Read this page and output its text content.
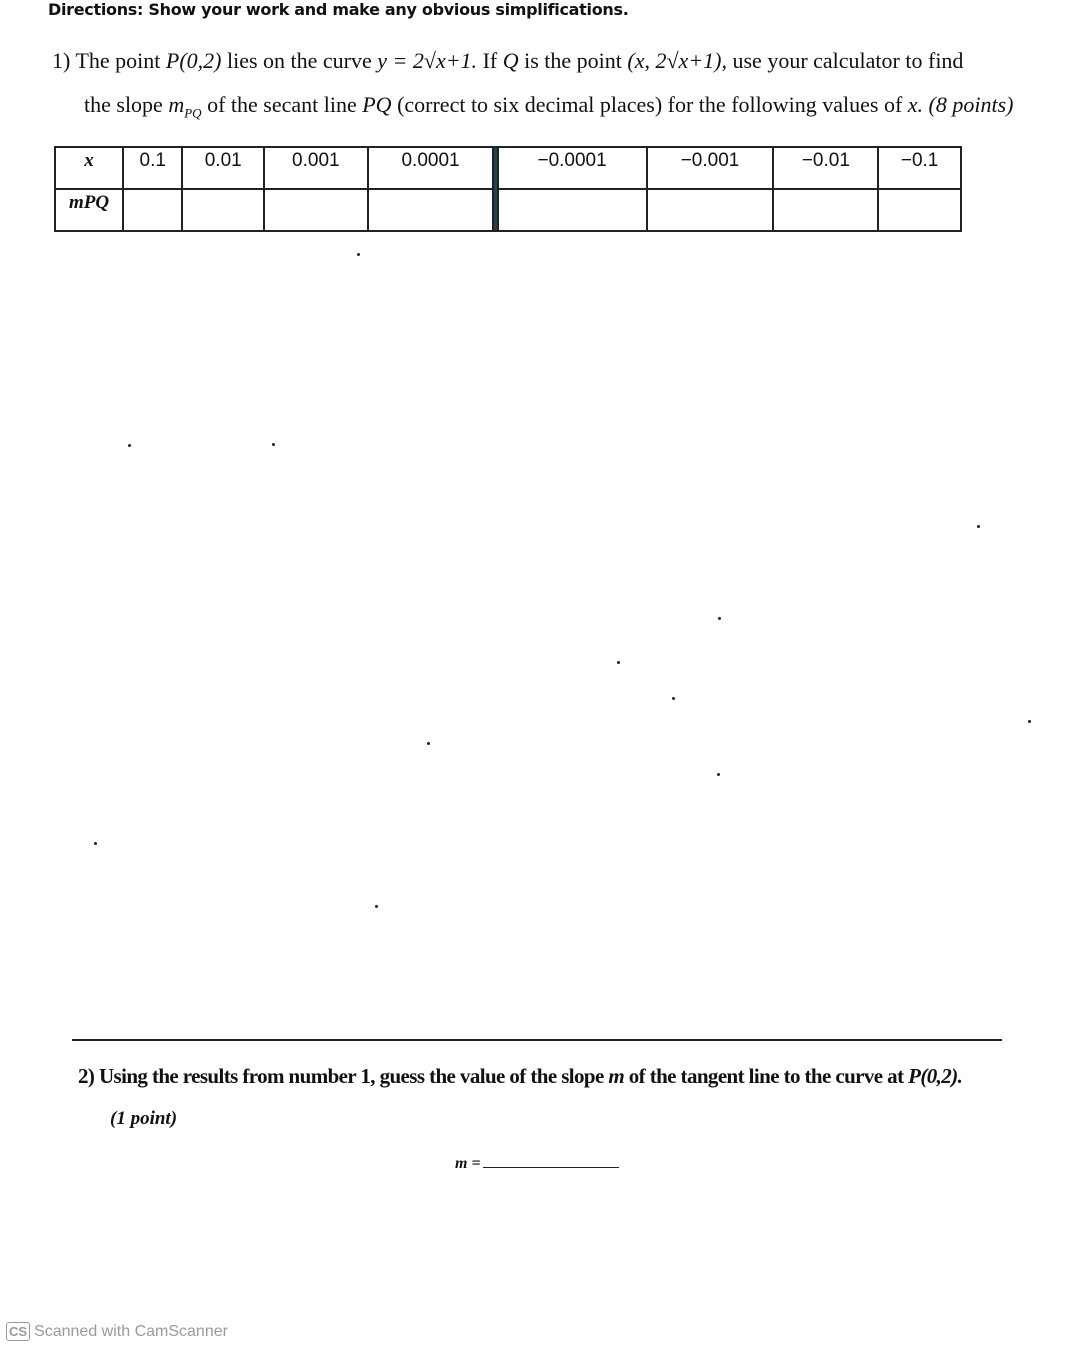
Directions: Show your work and make any obvious simplifications.
1) The point P(0,2) lies on the curve y = 2√x+1. If Q is the point (x, 2√x+1), use your calculator to find
the slope $m_{PQ}$ of the secant line PQ (correct to six decimal places) for the following values of x. (8 points)
x	0.1	0.01	0.001	0.0001		−0.0001	−0.001	−0.01	−0.1
mPQ									
2) Using the results from number 1, guess the value of the slope m of the tangent line to the curve at P(0,2).
(1 point)
m =
CS Scanned with CamScanner
